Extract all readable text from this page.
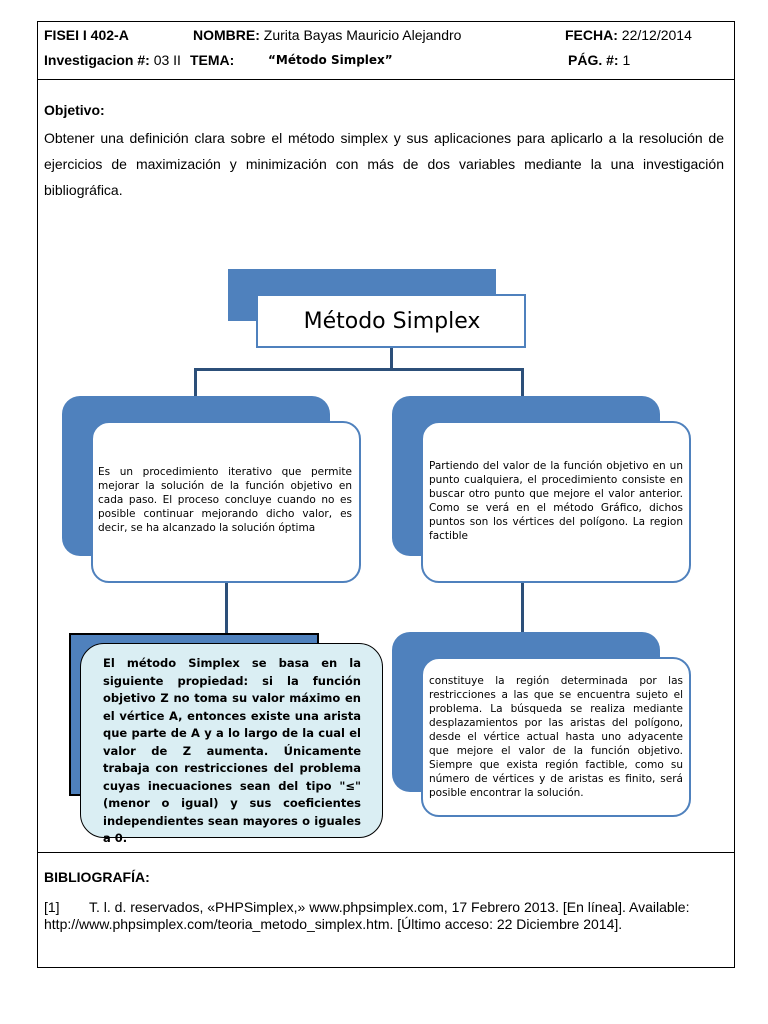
FISEI I 402-A	NOMBRE: Zurita Bayas Mauricio Alejandro	FECHA: 22/12/2014
Investigacion #: 03 II TEMA:	“Método Simplex”	PÁG. #: 1
Objetivo:
Obtener una definición clara sobre el método simplex y sus aplicaciones para aplicarlo a la resolución de ejercicios de maximización y minimización con más de dos variables mediante la una investigación bibliográfica.
Método Simplex
Es un procedimiento iterativo que permite mejorar la solución de la función objetivo en cada paso. El proceso concluye cuando no es posible continuar mejorando dicho valor, es decir, se ha alcanzado la solución óptima
Partiendo del valor de la función objetivo en un punto cualquiera, el procedimiento consiste en buscar otro punto que mejore el valor anterior. Como se verá en el método Gráfico, dichos puntos son los vértices del polígono. La region factible
El método Simplex se basa en la siguiente propiedad: si la función objetivo Z no toma su valor máximo en el vértice A, entonces existe una arista que parte de A y a lo largo de la cual el valor de Z aumenta. Únicamente trabaja con restricciones del problema cuyas inecuaciones sean del tipo "≤" (menor o igual) y sus coeficientes independientes sean mayores o iguales a 0.
constituye la región determinada por las restricciones a las que se encuentra sujeto el problema. La búsqueda se realiza mediante desplazamientos por las aristas del polígono, desde el vértice actual hasta uno adyacente que mejore el valor de la función objetivo. Siempre que exista región factible, como su número de vértices y de aristas es finito, será posible encontrar la solución.
BIBLIOGRAFÍA:
[1] T. l. d. reservados, «PHPSimplex,» www.phpsimplex.com, 17 Febrero 2013. [En línea]. Available: http://www.phpsimplex.com/teoria_metodo_simplex.htm. [Último acceso: 22 Diciembre 2014].
